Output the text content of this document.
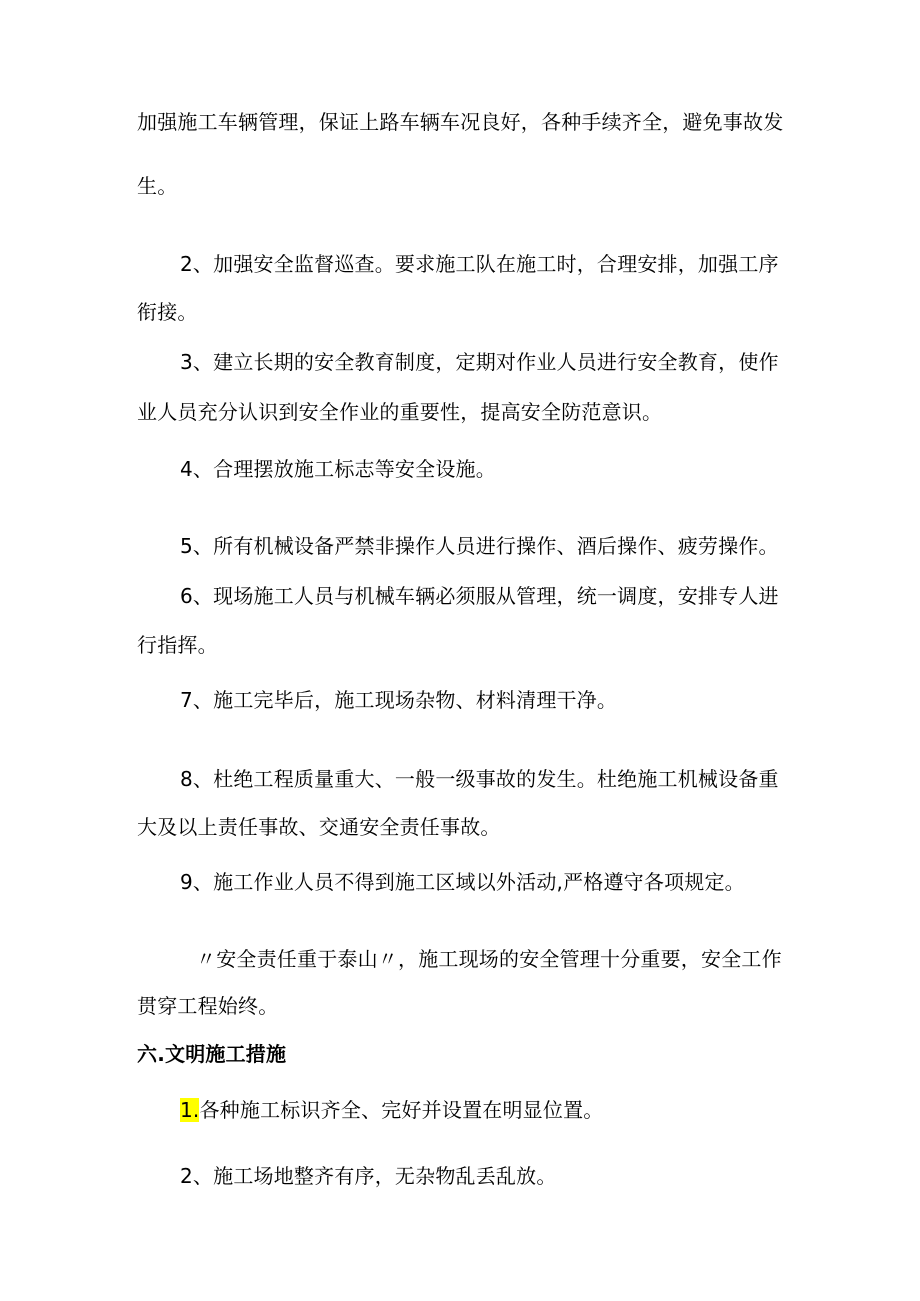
加强施工车辆管理，保证上路车辆车况良好，各种手续齐全，避免事故发
生。
2、加强安全监督巡查。要求施工队在施工时，合理安排，加强工序
衔接。
3、建立长期的安全教育制度，定期对作业人员进行安全教育，使作
业人员充分认识到安全作业的重要性，提高安全防范意识。
4、合理摆放施工标志等安全设施。
5、所有机械设备严禁非操作人员进行操作、酒后操作、疲劳操作。
6、现场施工人员与机械车辆必须服从管理，统一调度，安排专人进
行指挥。
7、施工完毕后，施工现场杂物、材料清理干净。
8、杜绝工程质量重大、一般一级事故的发生。杜绝施工机械设备重
大及以上责任事故、交通安全责任事故。
9、施工作业人员不得到施工区域以外活动,严格遵守各项规定。
〃安全责任重于泰山〃，施工现场的安全管理十分重要，安全工作
贯穿工程始终。
六.文明施工措施
1.各种施工标识齐全、完好并设置在明显位置。
2、施工场地整齐有序，无杂物乱丢乱放。
